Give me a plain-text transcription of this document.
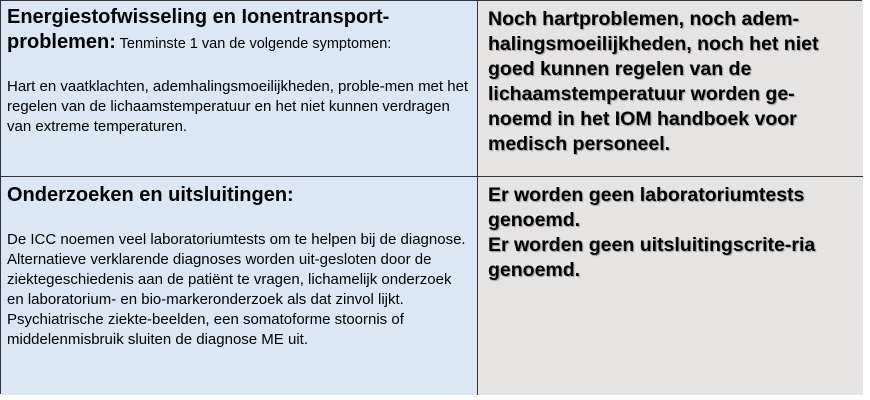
Energiestofwisseling en Ionentransport-
problemen: Tenminste 1 van de volgende symptomen:

Hart en vaatklachten, ademhalingsmoeilijkheden, proble-men met het regelen van de lichaamstemperatuur en het niet kunnen verdragen van extreme temperaturen.

Noch hartproblemen, noch adem-halingsmoeilijkheden, noch het niet goed kunnen regelen van de lichaamstemperatuur worden ge-noemd in het IOM handboek voor medisch personeel.

Onderzoeken en uitsluitingen:

De ICC noemen veel laboratoriumtests om te helpen bij de diagnose. Alternatieve verklarende diagnoses worden uit-gesloten door de ziektegeschiedenis aan de patiënt te vragen, lichamelijk onderzoek en laboratorium- en bio-markeronderzoek als dat zinvol lijkt. Psychiatrische ziekte-beelden, een somatoforme stoornis of middelenmisbruik sluiten de diagnose ME uit.

Er worden geen laboratoriumtests genoemd.

Er worden geen uitsluitingscrite-ria genoemd.
